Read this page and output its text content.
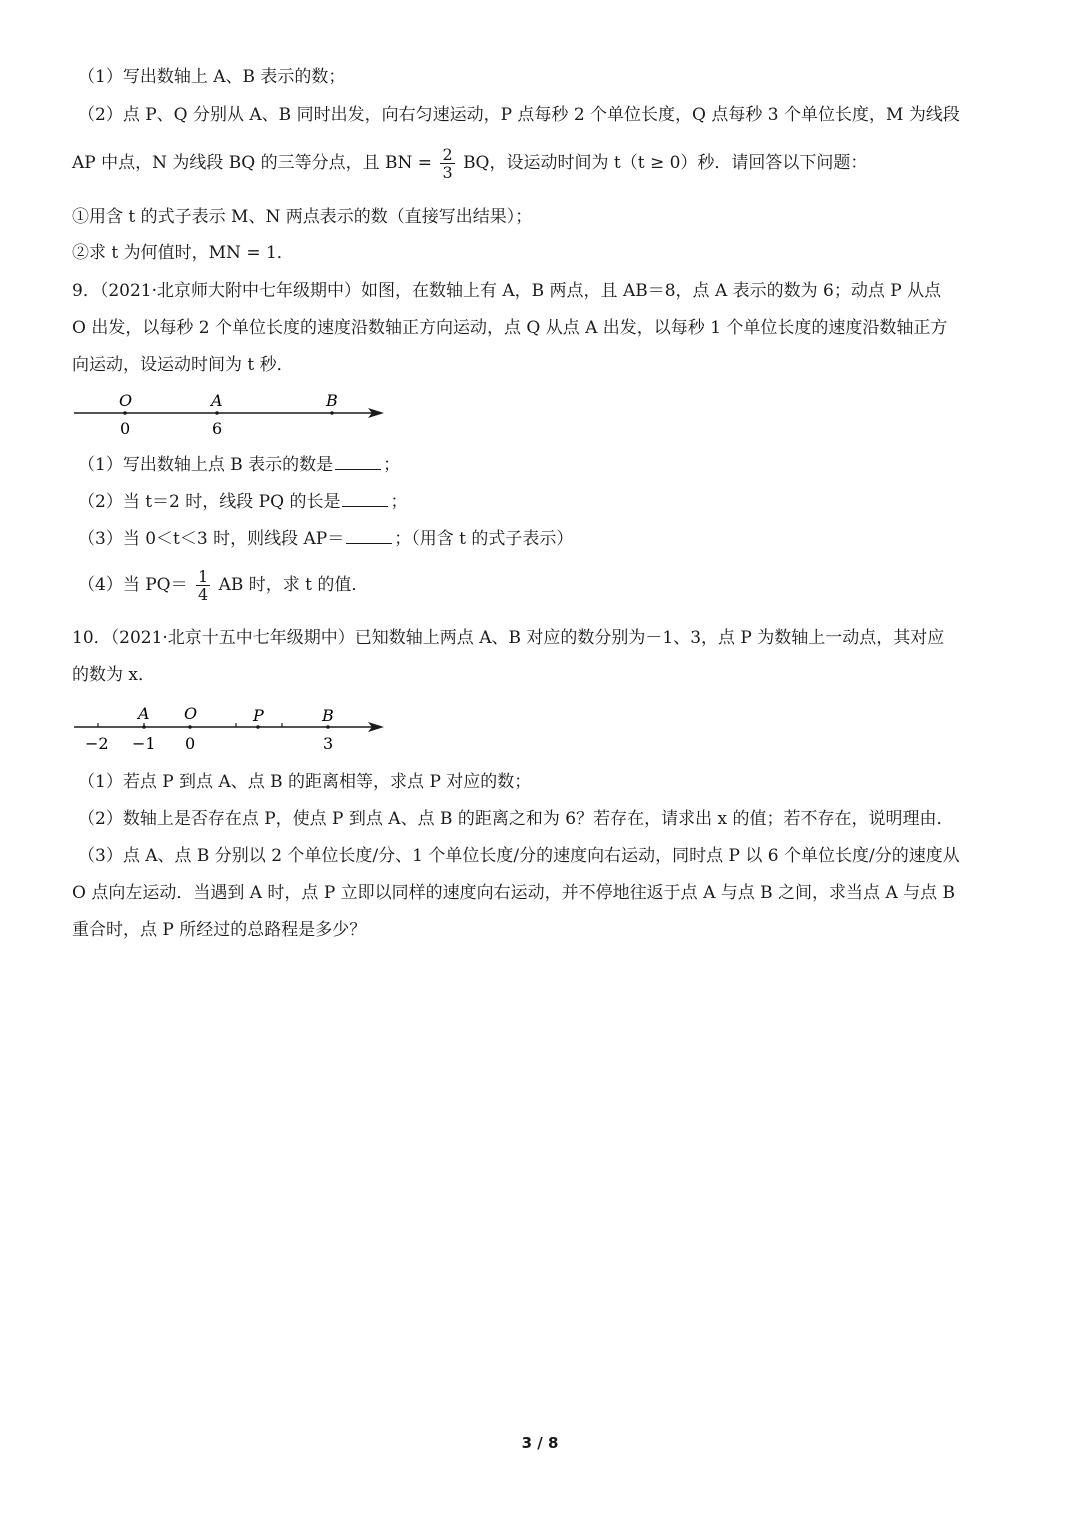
（1）写出数轴上 A、B 表示的数；
（2）点 P、Q 分别从 A、B 同时出发，向右匀速运动，P 点每秒 2 个单位长度，Q 点每秒 3 个单位长度，M 为线段
AP 中点，N 为线段 BQ 的三等分点，且 BN = $\frac{2}{3}$ BQ，设运动时间为 t（t ≥ 0）秒．请回答以下问题：
①用含 t 的式子表示 M、N 两点表示的数（直接写出结果）；
②求 t 为何值时，MN = 1．
9．（2021·北京师大附中七年级期中）如图，在数轴上有 A，B 两点，且 AB＝8，点 A 表示的数为 6；动点 P 从点
O 出发，以每秒 2 个单位长度的速度沿数轴正方向运动，点 Q 从点 A 出发，以每秒 1 个单位长度的速度沿数轴正方
向运动，设运动时间为 t 秒．
O	A	B
0	6
（1）写出数轴上点 B 表示的数是	；
（2）当 t＝2 时，线段 PQ 的长是	；
（3）当 0＜t＜3 时，则线段 AP＝	；（用含 t 的式子表示）
（4）当 $PQ= \frac{1}{4}$ AB 时，求 t 的值．
10．（2021·北京十五中七年级期中）已知数轴上两点 A、B 对应的数分别为－1、3，点 P 为数轴上一动点，其对应
的数为 x．
A O	P	B
−2 −1 0	3
（1）若点 P 到点 A、点 B 的距离相等，求点 P 对应的数；
（2）数轴上是否存在点 P，使点 P 到点 A、点 B 的距离之和为 6？若存在，请求出 x 的值；若不存在，说明理由．
（3）点 A、点 B 分别以 2 个单位长度/分、1 个单位长度/分的速度向右运动，同时点 P 以 6 个单位长度/分的速度从
O 点向左运动．当遇到 A 时，点 P 立即以同样的速度向右运动，并不停地往返于点 A 与点 B 之间，求当点 A 与点 B
重合时，点 P 所经过的总路程是多少？
3 / 8
